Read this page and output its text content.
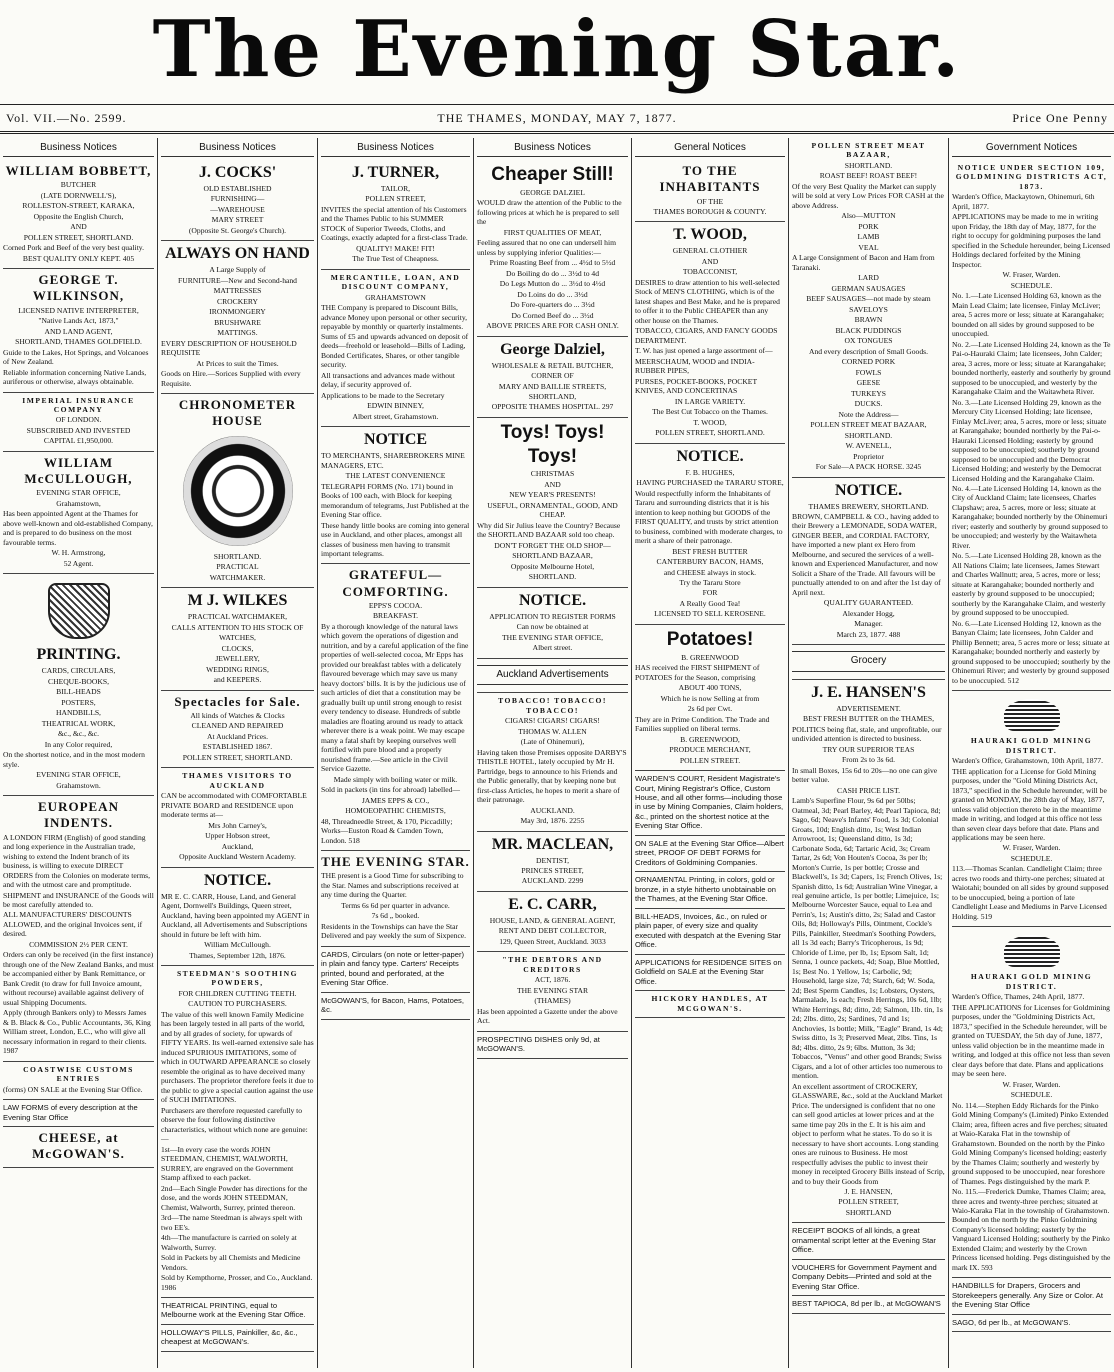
The Evening Star.
Vol. VII.—No. 2599.	THE THAMES, MONDAY, MAY 7, 1877.	Price One Penny
Business Notices
WILLIAM BOBBETT,

BUTCHER

(LATE DORNWELL'S),

ROLLESTON-STREET, KARAKA,

Opposite the English Church,

AND

POLLEN STREET, SHORTLAND.

Corned Pork and Beef of the very best quality.

BEST QUALITY ONLY KEPT. 405

GEORGE T. WILKINSON,

LICENSED NATIVE INTERPRETER,

"Native Lands Act, 1873,"

AND LAND AGENT,

SHORTLAND, THAMES GOLDFIELD.

Guide to the Lakes, Hot Springs, and Volcanoes of New Zealand.

Reliable information concerning Native Lands, auriferous or otherwise, always obtainable.

IMPERIAL INSURANCE COMPANY

OF LONDON.

SUBSCRIBED AND INVESTED

CAPITAL £1,950,000.

WILLIAM McCULLOUGH,

EVENING STAR OFFICE,

Grahamstown,

Has been appointed Agent at the Thames for above well-known and old-established Company, and is prepared to do business on the most favourable terms.

W. H. Armstrong,

52 Agent.

PRINTING.

CARDS, CIRCULARS,

CHEQUE-BOOKS,

BILL-HEADS

POSTERS,

HANDBILLS,

THEATRICAL WORK,

&c., &c., &c.

In any Color required,

On the shortest notice, and in the most modern style.

EVENING STAR OFFICE,

Grahamstown.

EUROPEAN INDENTS.

A LONDON FIRM (English) of good standing and long experience in the Australian trade, wishing to extend the Indent branch of its business, is willing to execute DIRECT ORDERS from the Colonies on moderate terms, and with the utmost care and promptitude.

SHIPMENT and INSURANCE of the Goods will be most carefully attended to.

ALL MANUFACTURERS' DISCOUNTS ALLOWED, and the original Invoices sent, if desired.

COMMISSION 2½ PER CENT.

Orders can only be received (in the first instance) through one of the New Zealand Banks, and must be accompanied either by Bank Remittance, or Bank Credit (to draw for full Invoice amount, without recourse) available against delivery of usual Shipping Documents.

Apply (through Bankers only) to Messrs James & B. Black & Co., Public Accountants, 36, King William street, London, E.C., who will give all necessary information in regard to their clients. 1987

COASTWISE CUSTOMS ENTRIES

(forms) ON SALE at the Evening Star Office.

LAW FORMS of every description at the Evening Star Office
CHEESE, at McGOWAN'S.
Business Notices
J. COCKS'

OLD ESTABLISHED

FURNISHING—

—WAREHOUSE

MARY STREET

(Opposite St. George's Church).

ALWAYS ON HAND

A Large Supply of

FURNITURE—New and Second-hand

MATTRESSES

CROCKERY

IRONMONGERY

BRUSHWARE

MATTINGS.

EVERY DESCRIPTION OF HOUSEHOLD REQUISITE

At Prices to suit the Times.

Goods on Hire.—Sorices Supplied with every Requisite.

CHRONOMETER HOUSE

SHORTLAND.

PRACTICAL

WATCHMAKER.

M J. WILKES

PRACTICAL WATCHMAKER,

CALLS ATTENTION TO HIS STOCK OF

WATCHES,

CLOCKS,

JEWELLERY,

WEDDING RINGS,

and KEEPERS.

Spectacles for Sale.

All kinds of Watches & Clocks

CLEANED AND REPAIRED

At Auckland Prices.

ESTABLISHED 1867.

POLLEN STREET, SHORTLAND.

THAMES VISITORS TO AUCKLAND

CAN be accommodated with COMFORTABLE PRIVATE BOARD and RESIDENCE upon moderate terms at—

Mrs John Carney's,

Upper Hobson street,

Auckland,

Opposite Auckland Western Academy.

NOTICE.

MR E. C. CARR, House, Land, and General Agent, Dornwell's Buildings, Queen street, Auckland, having been appointed my AGENT in Auckland, all Advertisements and Subscriptions should in future be left with him.

William McCullough.

Thames, September 12th, 1876.

STEEDMAN'S SOOTHING POWDERS,

FOR CHILDREN CUTTING TEETH.

CAUTION TO PURCHASERS.

The value of this well known Family Medicine has been largely tested in all parts of the world, and by all grades of society, for upwards of FIFTY YEARS. Its well-earned extensive sale has induced SPURIOUS IMITATIONS, some of which in OUTWARD APPEARANCE so closely resemble the original as to have deceived many purchasers. The proprietor therefore feels it due to the public to give a special caution against the use of SUCH IMITATIONS.

Purchasers are therefore requested carefully to observe the four following distinctive characteristics, without which none are genuine:—

1st—In every case the words JOHN STEEDMAN, CHEMIST, WALWORTH, SURREY, are engraved on the Government Stamp affixed to each packet.

2nd—Each Single Powder has directions for the dose, and the words JOHN STEEDMAN, Chemist, Walworth, Surrey, printed thereon.

3rd—The name Steedman is always spelt with two EE's.

4th—The manufacture is carried on solely at Walworth, Surrey.

Sold in Packets by all Chemists and Medicine Vendors.

Sold by Kempthorne, Prosser, and Co., Auckland. 1986

THEATRICAL PRINTING, equal to Melbourne work at the Evening Star Office.
HOLLOWAY'S PILLS, Painkiller, &c, &c., cheapest at McGOWAN's.
Business Notices
J. TURNER,

TAILOR,

POLLEN STREET,

INVITES the special attention of his Customers and the Thames Public to his SUMMER STOCK of Superior Tweeds, Cloths, and Coatings, exactly adapted for a first-class Trade.

QUALITY! MAKE! FIT!

The True Test of Cheapness.

MERCANTILE, LOAN, AND DISCOUNT COMPANY,

GRAHAMSTOWN

THE Company is prepared to Discount Bills, advance Money upon personal or other security, repayable by monthly or quarterly instalments. Sums of £5 and upwards advanced on deposit of deeds—freehold or leasehold—Bills of Lading, Bonded Certificates, Shares, or other tangible security.

All transactions and advances made without delay, if security approved of.

Applications to be made to the Secretary

EDWIN BINNEY,

Albert street, Grahamstown.

NOTICE

TO MERCHANTS, SHAREBROKERS MINE MANAGERS, ETC.

THE LATEST CONVENIENCE

TELEGRAPH FORMS (No. 171) bound in Books of 100 each, with Block for keeping memorandum of telegrams, Just Published at the Evening Star office.

These handy little books are coming into general use in Auckland, and other places, amongst all classes of business men having to transmit important telegrams.

GRATEFUL—COMFORTING.

EPPS'S COCOA.

BREAKFAST.

By a thorough knowledge of the natural laws which govern the operations of digestion and nutrition, and by a careful application of the fine properties of well-selected cocoa, Mr Epps has provided our breakfast tables with a delicately flavoured beverage which may save us many heavy doctors' bills. It is by the judicious use of such articles of diet that a constitution may be gradually built up until strong enough to resist every tendency to disease. Hundreds of subtle maladies are floating around us ready to attack wherever there is a weak point. We may escape many a fatal shaft by keeping ourselves well fortified with pure blood and a properly nourished frame.—See article in the Civil Service Gazette.

Made simply with boiling water or milk.

Sold in packets (in tins for abroad) labelled—

JAMES EPPS & CO.,

HOMOEOPATHIC CHEMISTS,

48, Threadneedle Street, & 170, Piccadilly; Works—Euston Road & Camden Town, London. 518

THE EVENING STAR.

THE present is a Good Time for subscribing to the Star. Names and subscriptions received at any time during the Quarter.

Terms 6s 6d per quarter in advance.

7s 6d „ booked.

Residents in the Townships can have the Star Delivered and pay weekly the sum of Sixpence.

CARDS, Circulars (on note or letter-paper) in plain and fancy type. Carters' Receipts printed, bound and perforated, at the Evening Star Office.
McGOWAN'S, for Bacon, Hams, Potatoes, &c.
Business Notices
Cheaper Still!

GEORGE DALZIEL

WOULD draw the attention of the Public to the following prices at which he is prepared to sell the

FIRST QUALITIES OF MEAT,

Feeling assured that no one can undersell him unless by supplying inferior Qualities:—

Prime Roasting Beef from ... 4½d to 5½d

Do Boiling do do ... 3½d to 4d

Do Legs Mutton do ... 3½d to 4½d

Do Loins do do ... 3½d

Do Fore-quarters do ... 3½d

Do Corned Beef do ... 3½d

ABOVE PRICES ARE FOR CASH ONLY.

George Dalziel,

WHOLESALE & RETAIL BUTCHER,

CORNER OF

MARY AND BAILLIE STREETS,

SHORTLAND,

OPPOSITE THAMES HOSPITAL. 297

Toys! Toys! Toys!

CHRISTMAS

AND

NEW YEAR'S PRESENTS!

USEFUL, ORNAMENTAL, GOOD, AND CHEAP.

Why did Sir Julius leave the Country? Because the SHORTLAND BAZAAR sold too cheap.

DON'T FORGET THE OLD SHOP—

SHORTLAND BAZAAR,

Opposite Melbourne Hotel,

SHORTLAND.

NOTICE.

APPLICATION TO REGISTER FORMS

Can now be obtained at

THE EVENING STAR OFFICE,

Albert street.

Auckland Advertisements
TOBACCO! TOBACCO! TOBACCO!

CIGARS! CIGARS! CIGARS!

THOMAS W. ALLEN

(Late of Ohinemuri),

Having taken those Premises opposite DARBY'S THISTLE HOTEL, lately occupied by Mr H. Partridge, begs to announce to his Friends and the Public generally, that by keeping none but first-class Articles, he hopes to merit a share of their patronage.

AUCKLAND.

May 3rd, 1876. 2255

MR. MACLEAN,

DENTIST,

PRINCES STREET,

AUCKLAND. 2299

E. C. CARR,

HOUSE, LAND, & GENERAL AGENT,

RENT AND DEBT COLLECTOR,

129, Queen Street, Auckland. 3033

"THE DEBTORS AND CREDITORS

ACT, 1876.

THE EVENING STAR

(THAMES)

Has been appointed a Gazette under the above Act.

PROSPECTING DISHES only 9d, at McGOWAN'S.
General Notices
TO THE INHABITANTS

OF THE

THAMES BOROUGH & COUNTY.

T. WOOD,

GENERAL CLOTHIER

AND

TOBACCONIST,

DESIRES to draw attention to his well-selected Stock of MEN'S CLOTHING, which is of the latest shapes and Best Make, and he is prepared to offer it to the Public CHEAPER than any other house on the Thames.

TOBACCO, CIGARS, AND FANCY GOODS DEPARTMENT.

T. W. has just opened a large assortment of—

MEERSCHAUM, WOOD and INDIA-RUBBER PIPES,

PURSES, POCKET-BOOKS, POCKET KNIVES, AND CONCERTINAS

IN LARGE VARIETY.

The Best Cut Tobacco on the Thames.

T. WOOD,

POLLEN STREET, SHORTLAND.

NOTICE.

F. B. HUGHES,

HAVING PURCHASED the TARARU STORE,

Would respectfully inform the Inhabitants of Tararu and surrounding districts that it is his intention to keep nothing but GOODS of the FIRST QUALITY, and trusts by strict attention to business, combined with moderate charges, to merit a share of their patronage.

BEST FRESH BUTTER

CANTERBURY BACON, HAMS,

and CHEESE always in stock.

Try the Tararu Store

FOR

A Really Good Tea!

LICENSED TO SELL KEROSENE.

Potatoes!

B. GREENWOOD

HAS received the FIRST SHIPMENT of POTATOES for the Season, comprising

ABOUT 400 TONS,

Which he is now Selling at from

2s 6d per Cwt.

They are in Prime Condition. The Trade and Families supplied on liberal terms.

B. GREENWOOD,

PRODUCE MERCHANT,

POLLEN STREET.

WARDEN'S COURT, Resident Magistrate's Court, Mining Registrar's Office, Custom House, and all other forms—including those in use by Mining Companies, Claim holders, &c., printed on the shortest notice at the Evening Star Office.
ON SALE at the Evening Star Office—Albert street, PROOF OF DEBT FORMS for Creditors of Goldmining Companies.
ORNAMENTAL Printing, in colors, gold or bronze, in a style hitherto unobtainable on the Thames, at the Evening Star Office.
BILL-HEADS, Invoices, &c., on ruled or plain paper, of every size and quality executed with despatch at the Evening Star Office.
APPLICATIONS for RESIDENCE SITES on Goldfield on SALE at the Evening Star Office.
HICKORY HANDLES, AT MCGOWAN'S.
POLLEN STREET MEAT BAZAAR,

SHORTLAND.

ROAST BEEF! ROAST BEEF!

Of the very Best Quality the Market can supply will be sold at very Low Prices FOR CASH at the above Address.

Also—MUTTON

PORK

LAMB

VEAL

A Large Consignment of Bacon and Ham from Taranaki.

LARD

GERMAN SAUSAGES

BEEF SAUSAGES—not made by steam

SAVELOYS

BRAWN

BLACK PUDDINGS

OX TONGUES

And every description of Small Goods.

CORNED PORK

FOWLS

GEESE

TURKEYS

DUCKS.

Note the Address—

POLLEN STREET MEAT BAZAAR,

SHORTLAND.

W. AVENELL,

Proprietor

For Sale—A PACK HORSE. 3245

NOTICE.

THAMES BREWERY, SHORTLAND.

BROWN, CAMPBELL & CO., having added to their Brewery a LEMONADE, SODA WATER, GINGER BEER, and CORDIAL FACTORY, have imported a new plant ex Hero from Melbourne, and secured the services of a well-known and Experienced Manufacturer, and now Solicit a Share of the Trade. All favours will be punctually attended to on and after the 1st day of April next.

QUALITY GUARANTEED.

Alexander Hogg,

Manager.

March 23, 1877. 488

Grocery
J. E. HANSEN'S

ADVERTISEMENT.

BEST FRESH BUTTER on the THAMES,

POLITICS being flat, stale, and unprofitable, our undivided attention is directed to business.

TRY OUR SUPERIOR TEAS

From 2s to 3s 6d.

In small Boxes, 15s 6d to 20s—no one can give better value.

CASH PRICE LIST.

Lamb's Superfine Flour, 9s 6d per 50lbs; Oatmeal, 3d; Pearl Barley, 4d; Pearl Tapioca, 8d; Sago, 6d; Neave's Infants' Food, 1s 3d; Colonial Groats, 10d; English ditto, 1s; West Indian Arrowroot, 1s; Queensland ditto, 1s 3d; Carbonate Soda, 6d; Tartaric Acid, 3s; Cream Tartar, 2s 6d; Von Houten's Cocoa, 3s per lb; Morton's Currie, 1s per bottle; Crosse and Blackwell's, 1s 3d; Capers, 1s; French Olives, 1s; Spanish ditto, 1s 6d; Australian Wine Vinegar, a real genuine article, 1s per bottle; Limejuice, 1s; Melbourne Worcester Sauce, equal to Lea and Perrin's, 1s; Austin's ditto, 2s; Salad and Castor Oils, 8d; Holloway's Pills, Ointment, Cockle's Pills, Painkiller, Steedman's Soothing Powders, all 1s 3d each; Barry's Tricopherous, 1s 9d; Chloride of Lime, per lb, 1s; Epsom Salt, 1d; Senna, 1 ounce packets, 4d; Soap, Blue Mottled, 1s; Best No. 1 Yellow, 1s; Carbolic, 9d; Household, large size, 7d; Starch, 6d; W. Soda, 2d; Best Sperm Candles, 1s; Lobsters, Oysters, Marmalade, 1s each; Fresh Herrings, 10s 6d, 1lb; White Herrings, 8d; ditto, 2d; Salmon, 1lb. tin, 1s 2d; 2lbs. ditto, 2s; Sardines, 7d and 1s; Anchovies, 1s bottle; Milk, "Eagle" Brand, 1s 4d; Swiss ditto, 1s 3; Preserved Meat, 2lbs. Tins, 1s 8d; 4lbs. ditto, 2s 9; 6lbs. Mutton, 3s 3d; Tobaccos, "Venus" and other good Brands; Swiss Cigars, and a lot of other articles too numerous to mention.

An excellent assortment of CROCKERY, GLASSWARE, &c., sold at the Auckland Market Price. The undersigned is confident that no one can sell good articles at lower prices and at the same time pay 20s in the £. It is his aim and object to perform what he states. To do so it is necessary to have short accounts. Long standing ones are ruinous to Business. He most respectfully advises the public to invest their money in receipted Grocery Bills instead of Scrip, and to buy their Goods from

J. E. HANSEN,

POLLEN STREET,

SHORTLAND

RECEIPT BOOKS of all kinds, a great ornamental script letter at the Evening Star Office.
VOUCHERS for Government Payment and Company Debits—Printed and sold at the Evening Star Office.
BEST TAPIOCA, 8d per lb., at McGOWAN'S
Government Notices
NOTICE UNDER SECTION 109, GOLDMINING DISTRICTS ACT, 1873.

Warden's Office, Mackaytown, Ohinemuri, 6th April, 1877.

APPLICATIONS may be made to me in writing upon Friday, the 18th day of May, 1877, for the right to occupy for goldmining purposes the land specified in the Schedule hereunder, being Licensed Holdings declared forfeited by the Mining Inspector.

W. Fraser, Warden.

SCHEDULE.

No. 1.—Late Licensed Holding 63, known as the Main Lead Claim; late licensee, Finlay McLiver; area, 5 acres more or less; situate at Karangahake; bounded on all sides by ground supposed to be unoccupied.

No. 2.—Late Licensed Holding 24, known as the Te Pai-o-Hauraki Claim; late licensees, John Calder; area, 3 acres, more or less; situate at Karangahake; bounded northerly, easterly and southerly by ground supposed to be unoccupied, and westerly by the Karangahake Claim and the Waitawheta River.

No. 3.—Late Licensed Holding 29, known as the Mercury City Licensed Holding; late licensee, Finlay McLiver; area, 5 acres, more or less; situate at Karangahake; bounded northerly by the Pai-o-Hauraki Licensed Holding; easterly by ground supposed to be unoccupied; southerly by ground supposed to be unoccupied and the Democrat Licensed Holding; and westerly by the Democrat Licensed Holding and the Karangahake Claim.

No. 4.—Late Licensed Holding 14, known as the City of Auckland Claim; late licensees, Charles Clapshaw; area, 5 acres, more or less; situate at Karangahake; bounded northerly by the Ohinemuri river; easterly and southerly by ground supposed to be unoccupied; and westerly by the Waitawheta River.

No. 5.—Late Licensed Holding 28, known as the All Nations Claim; late licensees, James Stewart and Charles Wallnutt; area, 5 acres, more or less; situate at Karangahake; bounded northerly and easterly by ground supposed to be unoccupied; southerly by the Karangahake Claim, and westerly by ground supposed to be unoccupied.

No. 6.—Late Licensed Holding 12, known as the Banyan Claim; late licensees, John Calder and Phillip Bennett; area, 5 acres more or less; situate at Karangahake; bounded northerly and easterly by ground supposed to be unoccupied; southerly by the Ohinemuri River; and westerly by ground supposed to be unoccupied. 512

HAURAKI GOLD MINING DISTRICT.

Warden's Office, Grahamstown, 10th April, 1877.

THE application for a License for Gold Mining purposes, under the "Gold Mining Districts Act, 1873," specified in the Schedule hereunder, will be granted on MONDAY, the 28th day of May, 1877, unless valid objection thereto be in the meantime made in writing, and lodged at this office not less than seven clear days before that date. Plans and applications may be seen here.

W. Fraser, Warden.

SCHEDULE.

113.—Thomas Scanlan. Candlelight Claim; three acres two roods and thirty-one perches; situated at Waiotahi; bounded on all sides by ground supposed to be unoccupied, being a portion of late Candlelight Lease and Mediums in Parve Licensed Holding. 519

HAURAKI GOLD MINING DISTRICT.

Warden's Office, Thames, 24th April, 1877.

THE APPLICATIONS for Licenses for Goldmining purposes, under the "Goldmining Districts Act, 1873," specified in the Schedule hereunder, will be granted on TUESDAY, the 5th day of June, 1877, unless valid objection be in the meantime made in writing, and lodged at this office not less than seven clear days before that date. Plans and applications may be seen here.

W. Fraser, Warden.

SCHEDULE.

No. 114.—Stephen Eddy Richards for the Pinko Gold Mining Company's (Limited) Pinko Extended Claim; area, fifteen acres and five perches; situated at Waio-Karaka Flat in the township of Grahamstown. Bounded on the north by the Pinko Gold Mining Company's licensed holding; easterly by the Thames Claim; southerly and westerly by ground supposed to be unoccupied, near foreshore of Thames. Pegs distinguished by the mark P.

No. 115.—Frederick Dumke, Thames Claim; area, three acres and twenty-three perches; situated at Waio-Karaka Flat in the township of Grahamstown. Bounded on the north by the Pinko Goldmining Company's licensed holding; easterly by the Vanguard Licensed Holding; southerly by the Pinko Extended Claim; and westerly by the Crown Princess licensed holding. Pegs distinguished by the mark IX. 593

HANDBILLS for Drapers, Grocers and Storekeepers generally. Any Size or Color. At the Evening Star Office
SAGO, 6d per lb., at McGOWAN'S.
